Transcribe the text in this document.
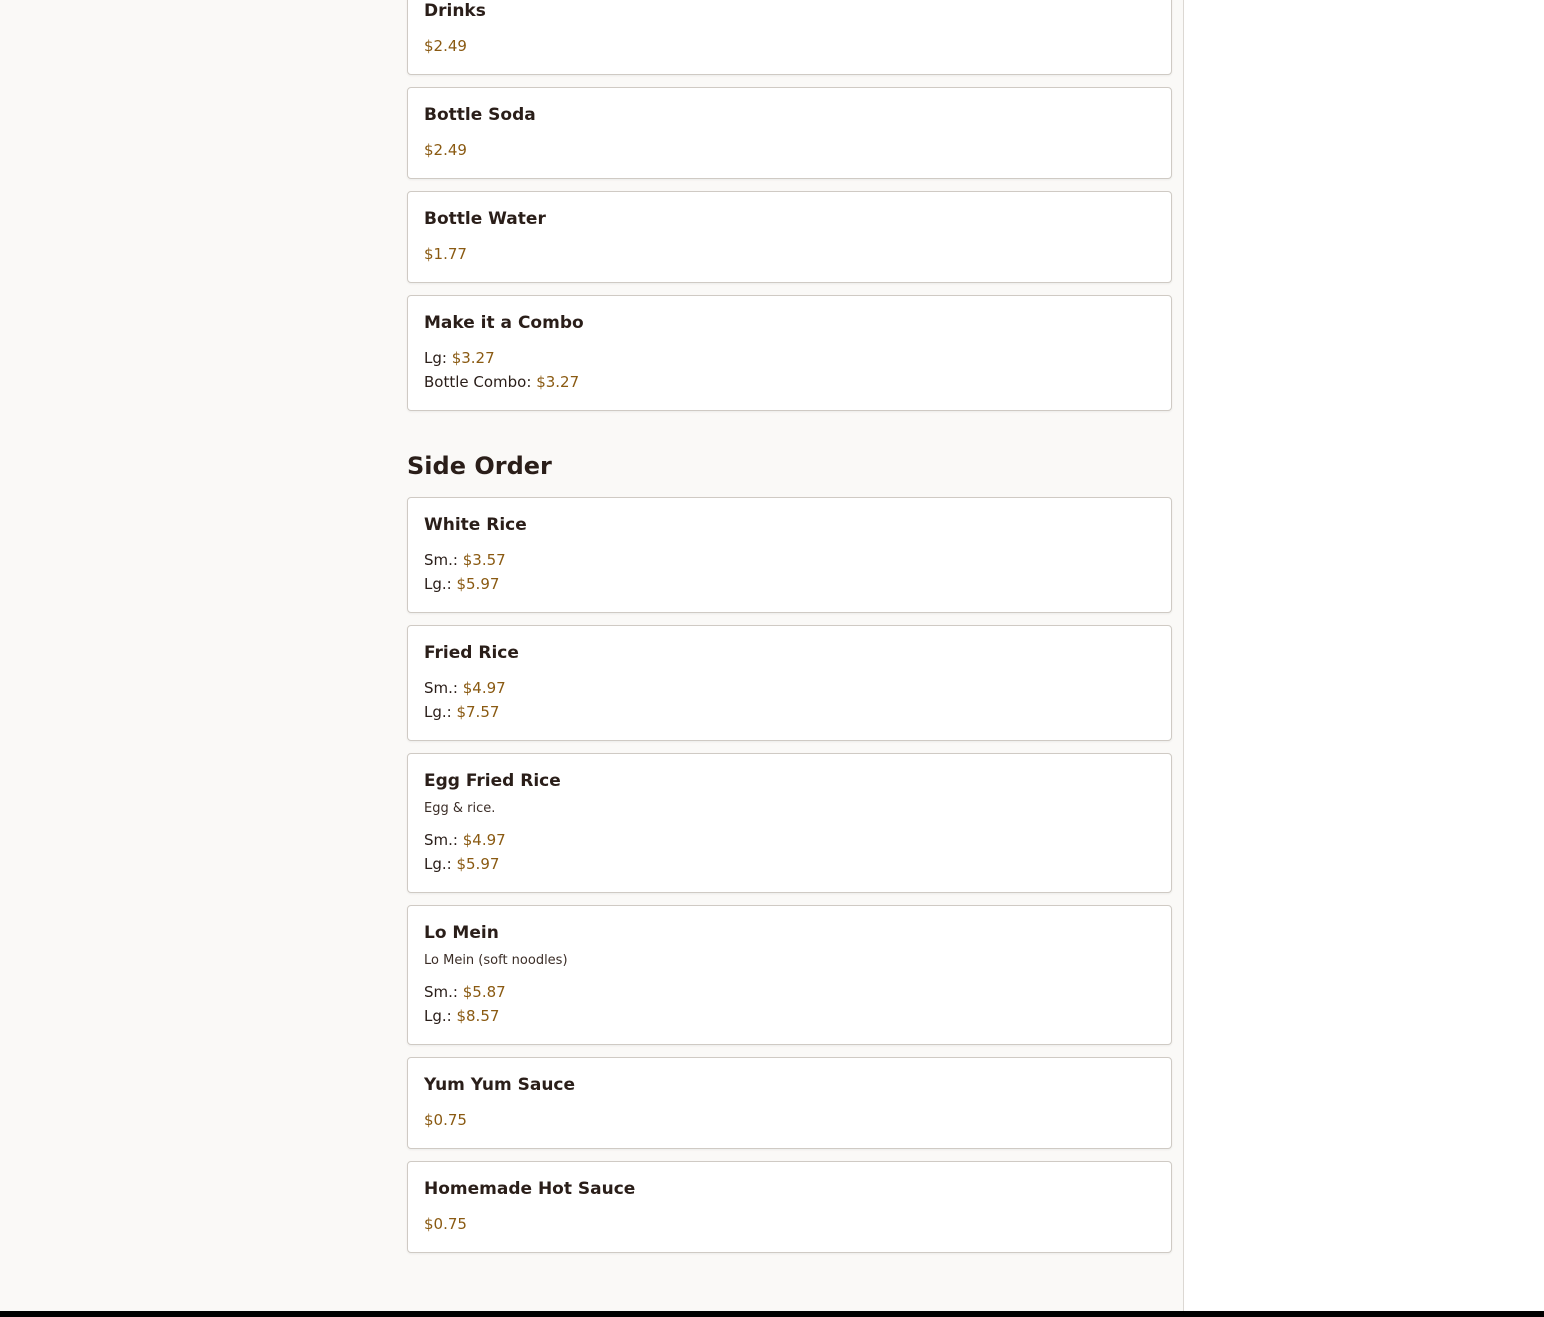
Drinks
$2.49
Bottle Soda
$2.49
Bottle Water
$1.77
Make it a Combo
Lg: $3.27
Bottle Combo: $3.27
Side Order
White Rice
Sm.: $3.57
Lg.: $5.97
Fried Rice
Sm.: $4.97
Lg.: $7.57
Egg Fried Rice
Egg & rice.
Sm.: $4.97
Lg.: $5.97
Lo Mein
Lo Mein (soft noodles)
Sm.: $5.87
Lg.: $8.57
Yum Yum Sauce
$0.75
Homemade Hot Sauce
$0.75
